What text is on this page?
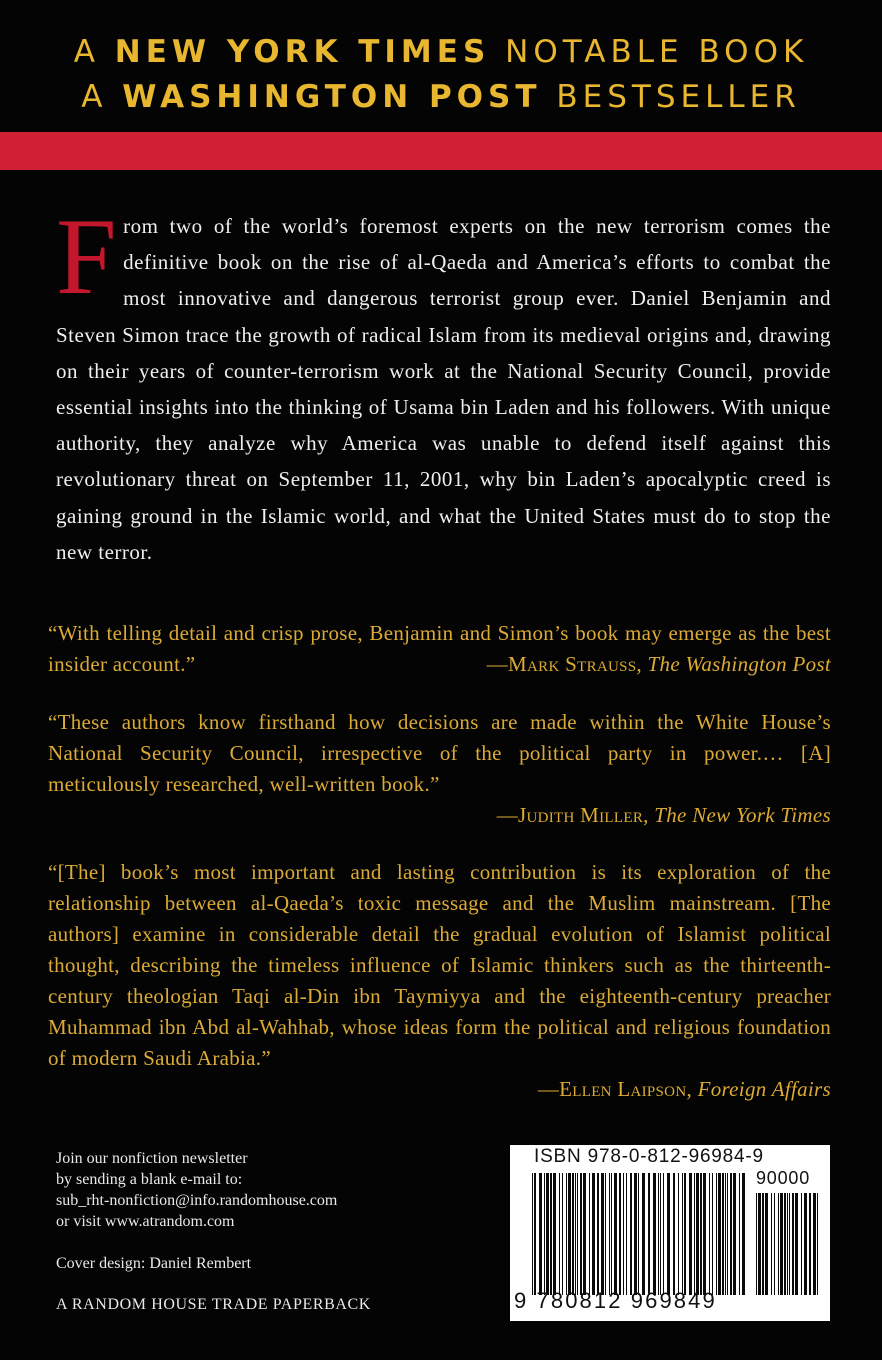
A NEW YORK TIMES NOTABLE BOOK
A WASHINGTON POST BESTSELLER
F rom two of the world’s foremost experts on the new terrorism comes the definitive book on the rise of al-Qaeda and America’s efforts to combat the most innovative and dangerous terrorist group ever. Daniel Benjamin and Steven Simon trace the growth of radical Islam from its medieval origins and, drawing on their years of counter-terrorism work at the National Security Council, provide essential insights into the thinking of Usama bin Laden and his followers. With unique authority, they analyze why America was unable to defend itself against this revolutionary threat on September 11, 2001, why bin Laden’s apocalyptic creed is gaining ground in the Islamic world, and what the United States must do to stop the new terror.
“With telling detail and crisp prose, Benjamin and Simon’s book may emerge as the best insider account.”	—Mark Strauss, The Washington Post
“These authors know firsthand how decisions are made within the White House’s National Security Council, irrespective of the political party in power.… [A] meticulously researched, well-written book.”
—Judith Miller, The New York Times
“[The] book’s most important and lasting contribution is its exploration of the relationship between al-Qaeda’s toxic message and the Muslim mainstream. [The authors] examine in considerable detail the gradual evolution of Islamist political thought, describing the timeless influence of Islamic thinkers such as the thirteenth-century theologian Taqi al-Din ibn Taymiyya and the eighteenth-century preacher Muhammad ibn Abd al-Wahhab, whose ideas form the political and religious foundation of modern Saudi Arabia.”
—Ellen Laipson, Foreign Affairs

Join our nonfiction newsletter

by sending a blank e-mail to:

sub_rht-nonfiction@info.randomhouse.com

or visit www.atrandom.com

Cover design: Daniel Rembert
A RANDOM HOUSE TRADE PAPERBACK
ISBN 978-0-812-96984-9
90000
9 780812 969849
